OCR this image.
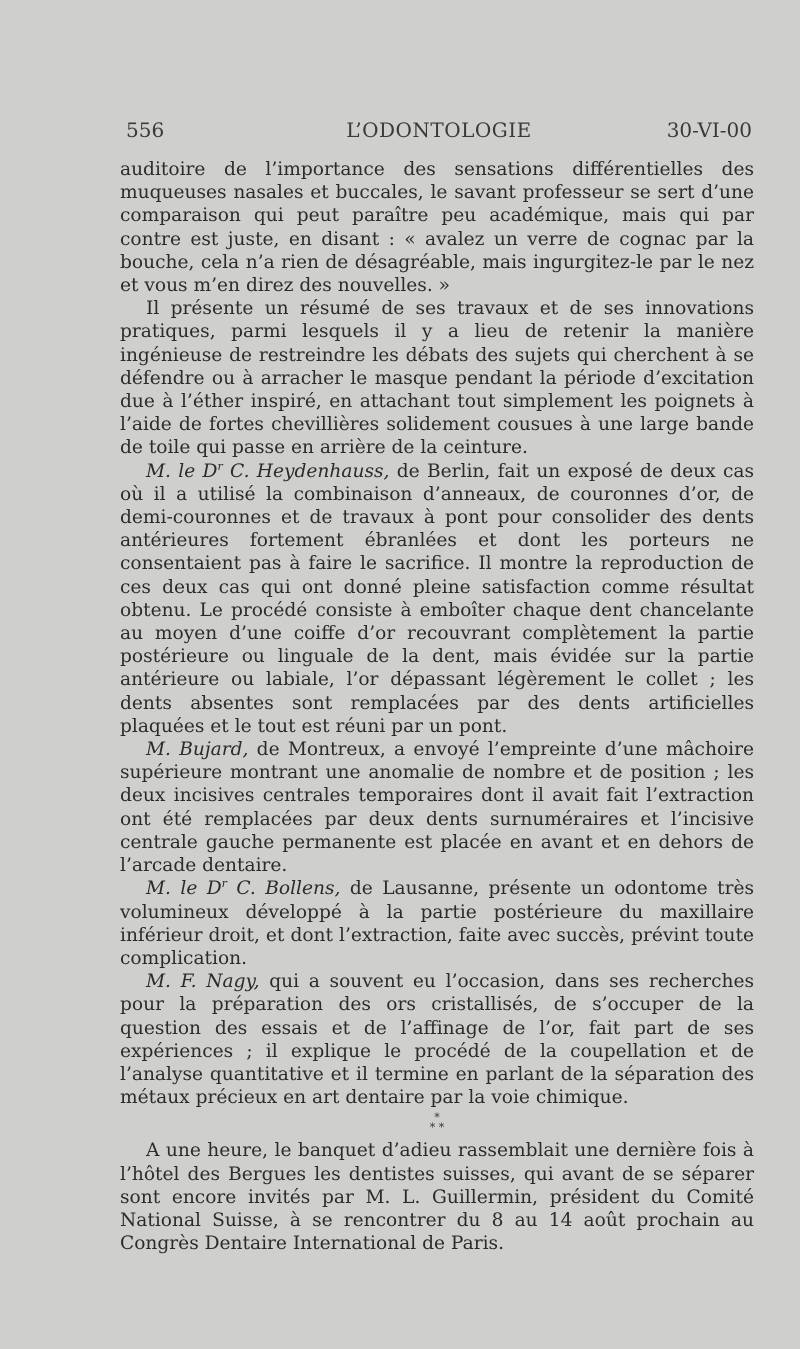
556	L’ODONTOLOGIE	30-VI-00

auditoire de l’importance des sensations différentielles des muqueuses nasales et buccales, le savant professeur se sert d’une comparaison qui peut paraître peu académique, mais qui par contre est juste, en disant : « avalez un verre de cognac par la bouche, cela n’a rien de désagréable, mais ingurgitez-le par le nez et vous m’en direz des nouvelles. »

Il présente un résumé de ses travaux et de ses innovations pratiques, parmi lesquels il y a lieu de retenir la manière ingénieuse de restreindre les débats des sujets qui cherchent à se défendre ou à arracher le masque pendant la période d’excitation due à l’éther inspiré, en attachant tout simplement les poignets à l’aide de fortes chevillières solidement cousues à une large bande de toile qui passe en arrière de la ceinture.

M. le $D^r$ C. Heydenhauss, de Berlin, fait un exposé de deux cas où il a utilisé la combinaison d’anneaux, de couronnes d’or, de demi-couronnes et de travaux à pont pour consolider des dents antérieures fortement ébranlées et dont les porteurs ne consentaient pas à faire le sacrifice. Il montre la reproduction de ces deux cas qui ont donné pleine satisfaction comme résultat obtenu. Le procédé consiste à emboîter chaque dent chancelante au moyen d’une coiffe d’or recouvrant complètement la partie postérieure ou linguale de la dent, mais évidée sur la partie antérieure ou labiale, l’or dépassant légèrement le collet ; les dents absentes sont remplacées par des dents artificielles plaquées et le tout est réuni par un pont.

M. Bujard, de Montreux, a envoyé l’empreinte d’une mâchoire supérieure montrant une anomalie de nombre et de position ; les deux incisives centrales temporaires dont il avait fait l’extraction ont été remplacées par deux dents surnuméraires et l’incisive centrale gauche permanente est placée en avant et en dehors de l’arcade dentaire.

M. le $D^r$ C. Bollens, de Lausanne, présente un odontome très volumineux développé à la partie postérieure du maxillaire inférieur droit, et dont l’extraction, faite avec succès, prévint toute complication.

M. F. Nagy, qui a souvent eu l’occasion, dans ses recherches pour la préparation des ors cristallisés, de s’occuper de la question des essais et de l’affinage de l’or, fait part de ses expériences ; il explique le procédé de la coupellation et de l’analyse quantitative et il termine en parlant de la séparation des métaux précieux en art dentaire par la voie chimique.

*
* *

A une heure, le banquet d’adieu rassemblait une dernière fois à l’hôtel des Bergues les dentistes suisses, qui avant de se séparer sont encore invités par M. L. Guillermin, président du Comité National Suisse, à se rencontrer du 8 au 14 août prochain au Congrès Dentaire International de Paris.
